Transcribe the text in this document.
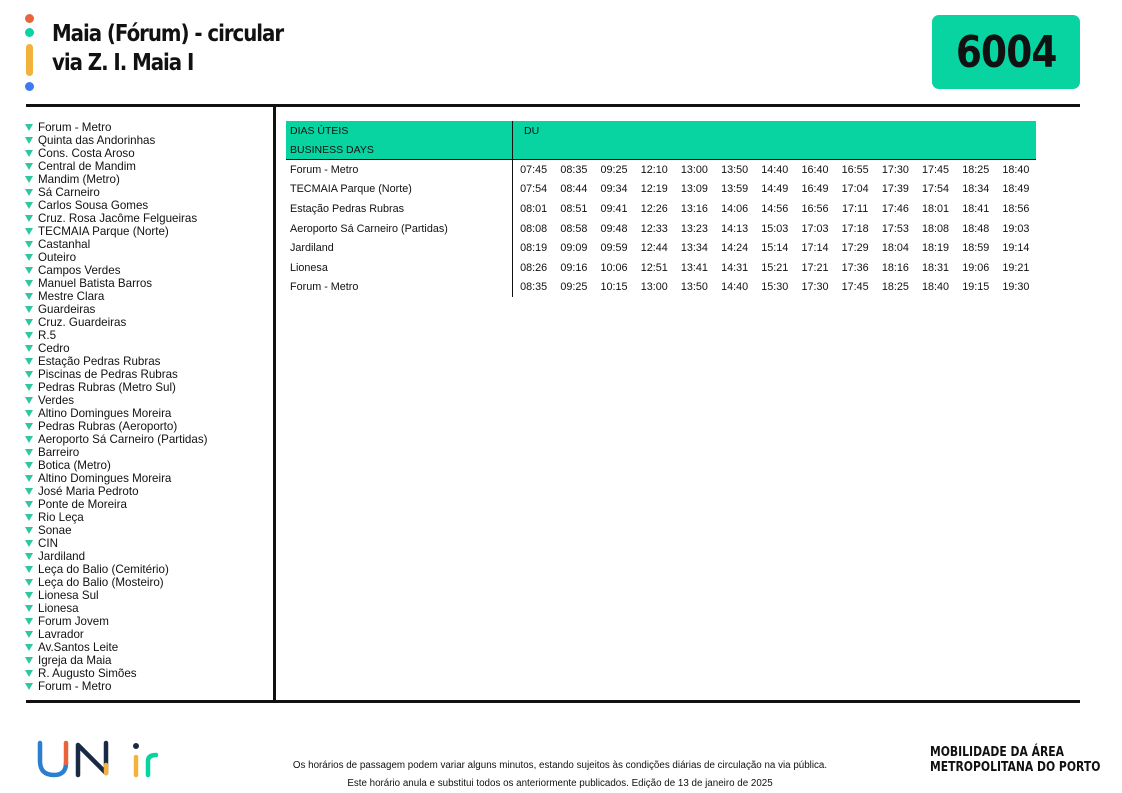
Maia (Fórum) - circular
via Z. I. Maia I	6004
Forum - Metro
Quinta das Andorinhas
Cons. Costa Aroso
Central de Mandim
Mandim (Metro)
Sá Carneiro
Carlos Sousa Gomes
Cruz. Rosa Jacôme Felgueiras
TECMAIA Parque (Norte)
Castanhal
Outeiro
Campos Verdes
Manuel Batista Barros
Mestre Clara
Guardeiras
Cruz. Guardeiras
R.5
Cedro
Estação Pedras Rubras
Piscinas de Pedras Rubras
Pedras Rubras (Metro Sul)
Verdes
Altino Domingues Moreira
Pedras Rubras (Aeroporto)
Aeroporto Sá Carneiro (Partidas)
Barreiro
Botica (Metro)
Altino Domingues Moreira
José Maria Pedroto
Ponte de Moreira
Rio Leça
Sonae
CIN
Jardiland
Leça do Balio (Cemitério)
Leça do Balio (Mosteiro)
Lionesa Sul
Lionesa
Forum Jovem
Lavrador
Av.Santos Leite
Igreja da Maia
R. Augusto Simões
Forum - Metro
DIAS ÚTEIS
BUSINESS DAYS
DU
Forum - Metro	07:45	08:35	09:25	12:10	13:00	13:50	14:40	16:40	16:55	17:30	17:45	18:25	18:40
TECMAIA Parque (Norte)	07:54	08:44	09:34	12:19	13:09	13:59	14:49	16:49	17:04	17:39	17:54	18:34	18:49
Estação Pedras Rubras	08:01	08:51	09:41	12:26	13:16	14:06	14:56	16:56	17:11	17:46	18:01	18:41	18:56
Aeroporto Sá Carneiro (Partidas)	08:08	08:58	09:48	12:33	13:23	14:13	15:03	17:03	17:18	17:53	18:08	18:48	19:03
Jardiland	08:19	09:09	09:59	12:44	13:34	14:24	15:14	17:14	17:29	18:04	18:19	18:59	19:14
Lionesa	08:26	09:16	10:06	12:51	13:41	14:31	15:21	17:21	17:36	18:16	18:31	19:06	19:21
Forum - Metro	08:35	09:25	10:15	13:00	13:50	14:40	15:30	17:30	17:45	18:25	18:40	19:15	19:30
Os horários de passagem podem variar alguns minutos, estando sujeitos às condições diárias de circulação na via pública.
Este horário anula e substitui todos os anteriormente publicados. Edição de 13 de janeiro de 2025
MOBILIDADE DA ÁREA
METROPOLITANA DO PORTO
